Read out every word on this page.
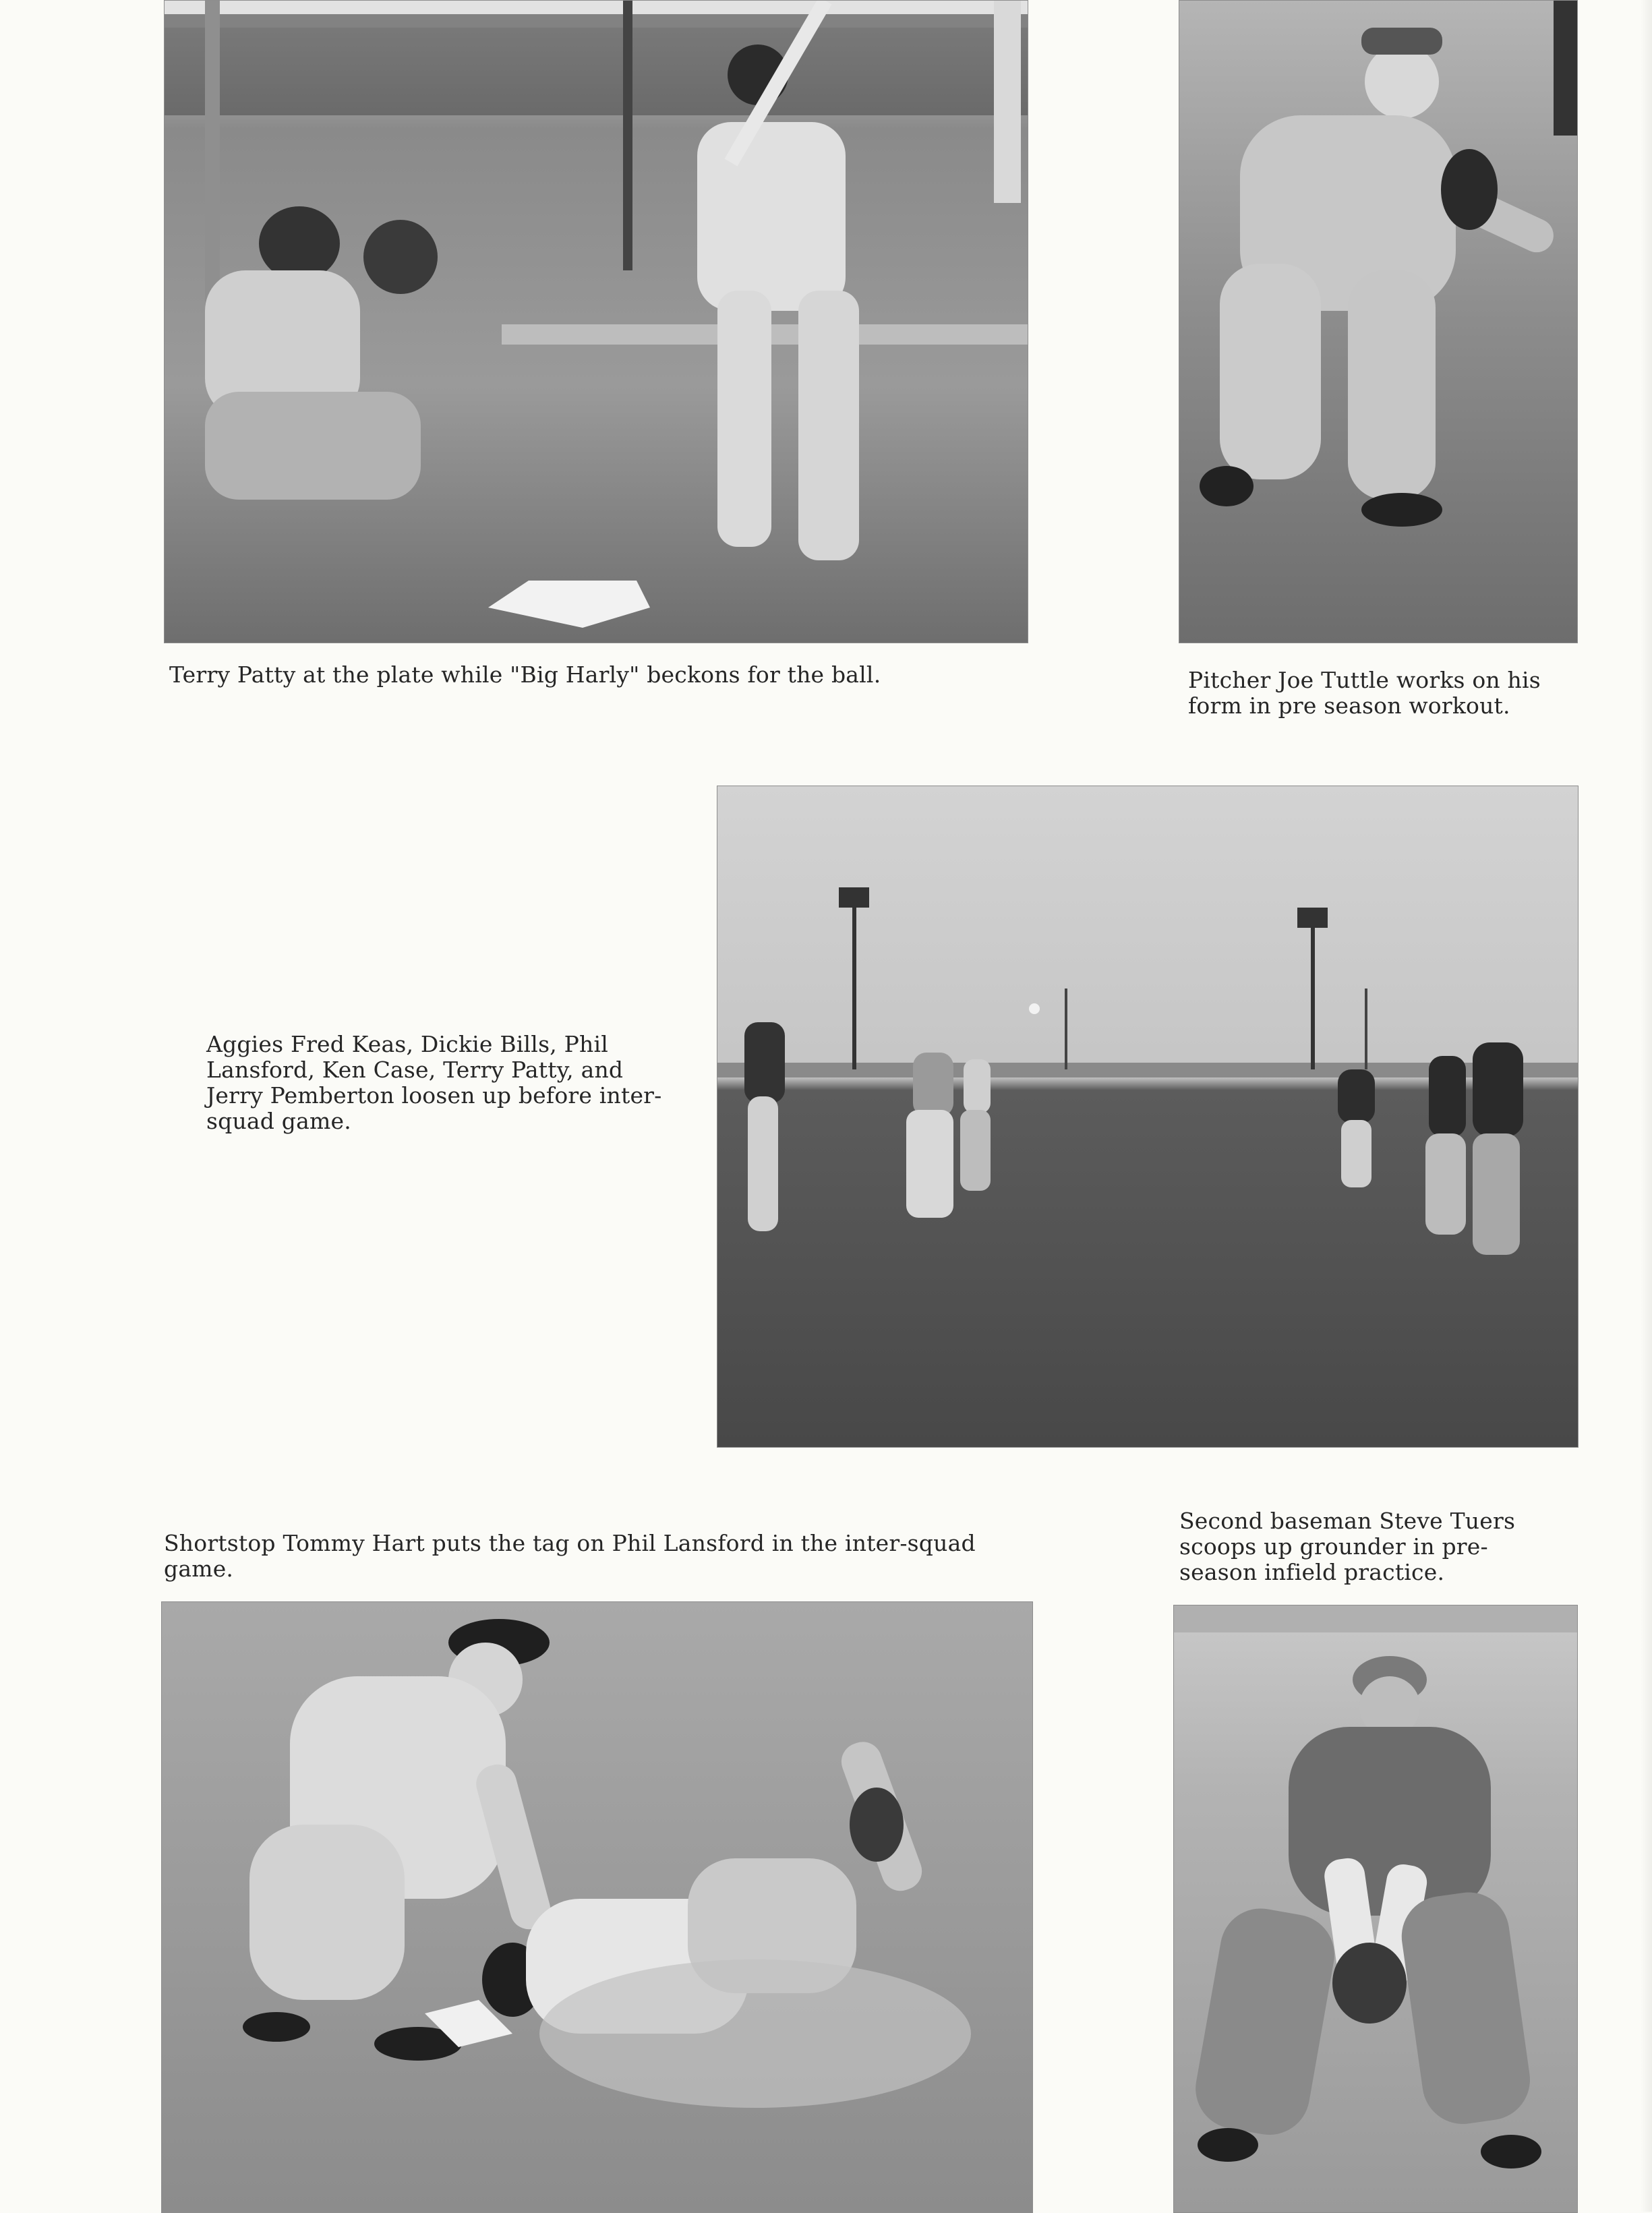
Terry Patty at the plate while "Big Harly" beckons for the ball.	Pitcher Joe Tuttle works on his form in pre season workout.
Aggies Fred Keas, Dickie Bills, Phil Lansford, Ken Case, Terry Patty, and Jerry Pemberton loosen up before inter-squad game.
Shortstop Tommy Hart puts the tag on Phil Lansford in the inter-squad game.
Second baseman Steve Tuers scoops up grounder in pre-season infield practice.
